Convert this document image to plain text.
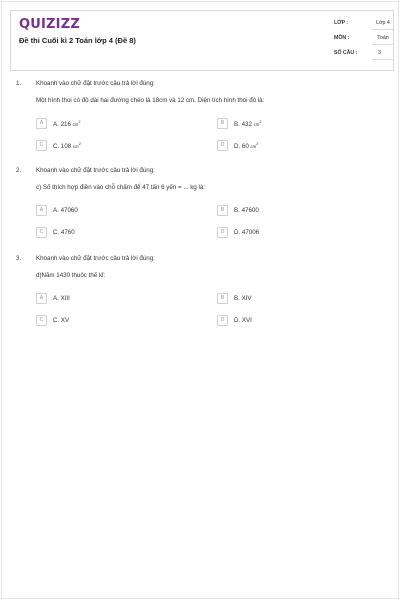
QUIZIZZ
Đề thi Cuối kì 2 Toán lớp 4 (Đề 8)
LỚP :	Lớp 4
MÔN :	Toán
SỐ CÂU :	3
1. Khoanh vào chữ đặt trước câu trả lời đúng:
Một hình thoi có độ dài hai đường chéo là 18cm và 12 cm. Diện tích hình thoi đó là:
A	A. 216 $cm^2$	B	B. 432 $cm^2$
C	C. 108 $cm^2$	D	D. 60 $cm^2$
2. Khoanh vào chữ đặt trước câu trả lời đúng:
c) Số thích hợp điền vào chỗ chấm để 47 tấn 6 yến = ... kg là:
A	A. 47060	B	B. 47600
C	C. 4760	D	D. 47006
3. Khoanh vào chữ đặt trước câu trả lời đúng:
d)Năm 1430 thuộc thế kỉ:
A	A. XIII	B	B. XIV
C	C. XV	D	D. XVI
